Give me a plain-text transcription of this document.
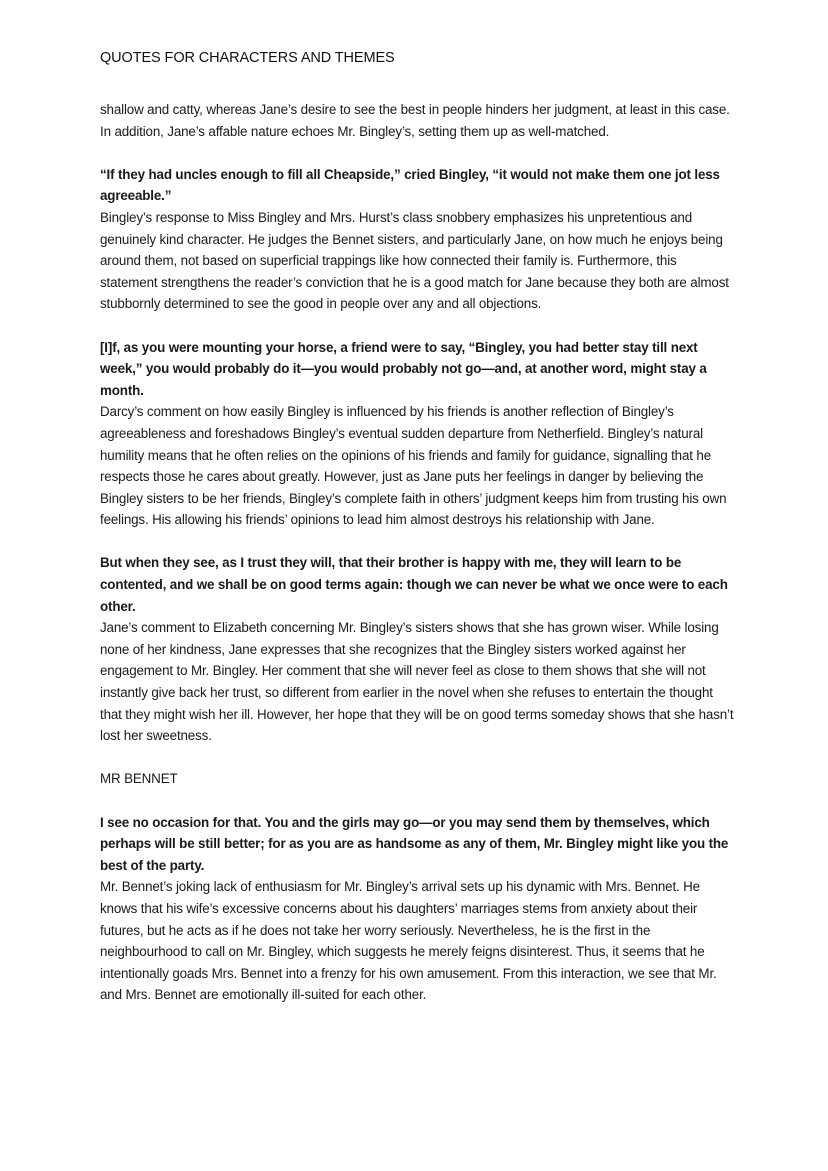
QUOTES FOR CHARACTERS AND THEMES

shallow and catty, whereas Jane’s desire to see the best in people hinders her judgment, at least in this case. In addition, Jane’s affable nature echoes Mr. Bingley’s, setting them up as well-matched.

“If they had uncles enough to fill all Cheapside,” cried Bingley, “it would not make them one jot less agreeable.”
Bingley’s response to Miss Bingley and Mrs. Hurst’s class snobbery emphasizes his unpretentious and genuinely kind character. He judges the Bennet sisters, and particularly Jane, on how much he enjoys being around them, not based on superficial trappings like how connected their family is. Furthermore, this statement strengthens the reader’s conviction that he is a good match for Jane because they both are almost stubbornly determined to see the good in people over any and all objections.
[I]f, as you were mounting your horse, a friend were to say, “Bingley, you had better stay till next week,” you would probably do it—you would probably not go—and, at another word, might stay a month.
Darcy’s comment on how easily Bingley is influenced by his friends is another reflection of Bingley’s agreeableness and foreshadows Bingley’s eventual sudden departure from Netherfield. Bingley’s natural humility means that he often relies on the opinions of his friends and family for guidance, signalling that he respects those he cares about greatly. However, just as Jane puts her feelings in danger by believing the Bingley sisters to be her friends, Bingley’s complete faith in others’ judgment keeps him from trusting his own feelings. His allowing his friends’ opinions to lead him almost destroys his relationship with Jane.
But when they see, as I trust they will, that their brother is happy with me, they will learn to be contented, and we shall be on good terms again: though we can never be what we once were to each other.
Jane’s comment to Elizabeth concerning Mr. Bingley’s sisters shows that she has grown wiser. While losing none of her kindness, Jane expresses that she recognizes that the Bingley sisters worked against her engagement to Mr. Bingley. Her comment that she will never feel as close to them shows that she will not instantly give back her trust, so different from earlier in the novel when she refuses to entertain the thought that they might wish her ill. However, her hope that they will be on good terms someday shows that she hasn’t lost her sweetness.

MR BENNET

I see no occasion for that. You and the girls may go—or you may send them by themselves, which perhaps will be still better; for as you are as handsome as any of them, Mr. Bingley might like you the best of the party.
Mr. Bennet’s joking lack of enthusiasm for Mr. Bingley’s arrival sets up his dynamic with Mrs. Bennet. He knows that his wife’s excessive concerns about his daughters’ marriages stems from anxiety about their futures, but he acts as if he does not take her worry seriously. Nevertheless, he is the first in the neighbourhood to call on Mr. Bingley, which suggests he merely feigns disinterest. Thus, it seems that he intentionally goads Mrs. Bennet into a frenzy for his own amusement. From this interaction, we see that Mr. and Mrs. Bennet are emotionally ill-suited for each other.
